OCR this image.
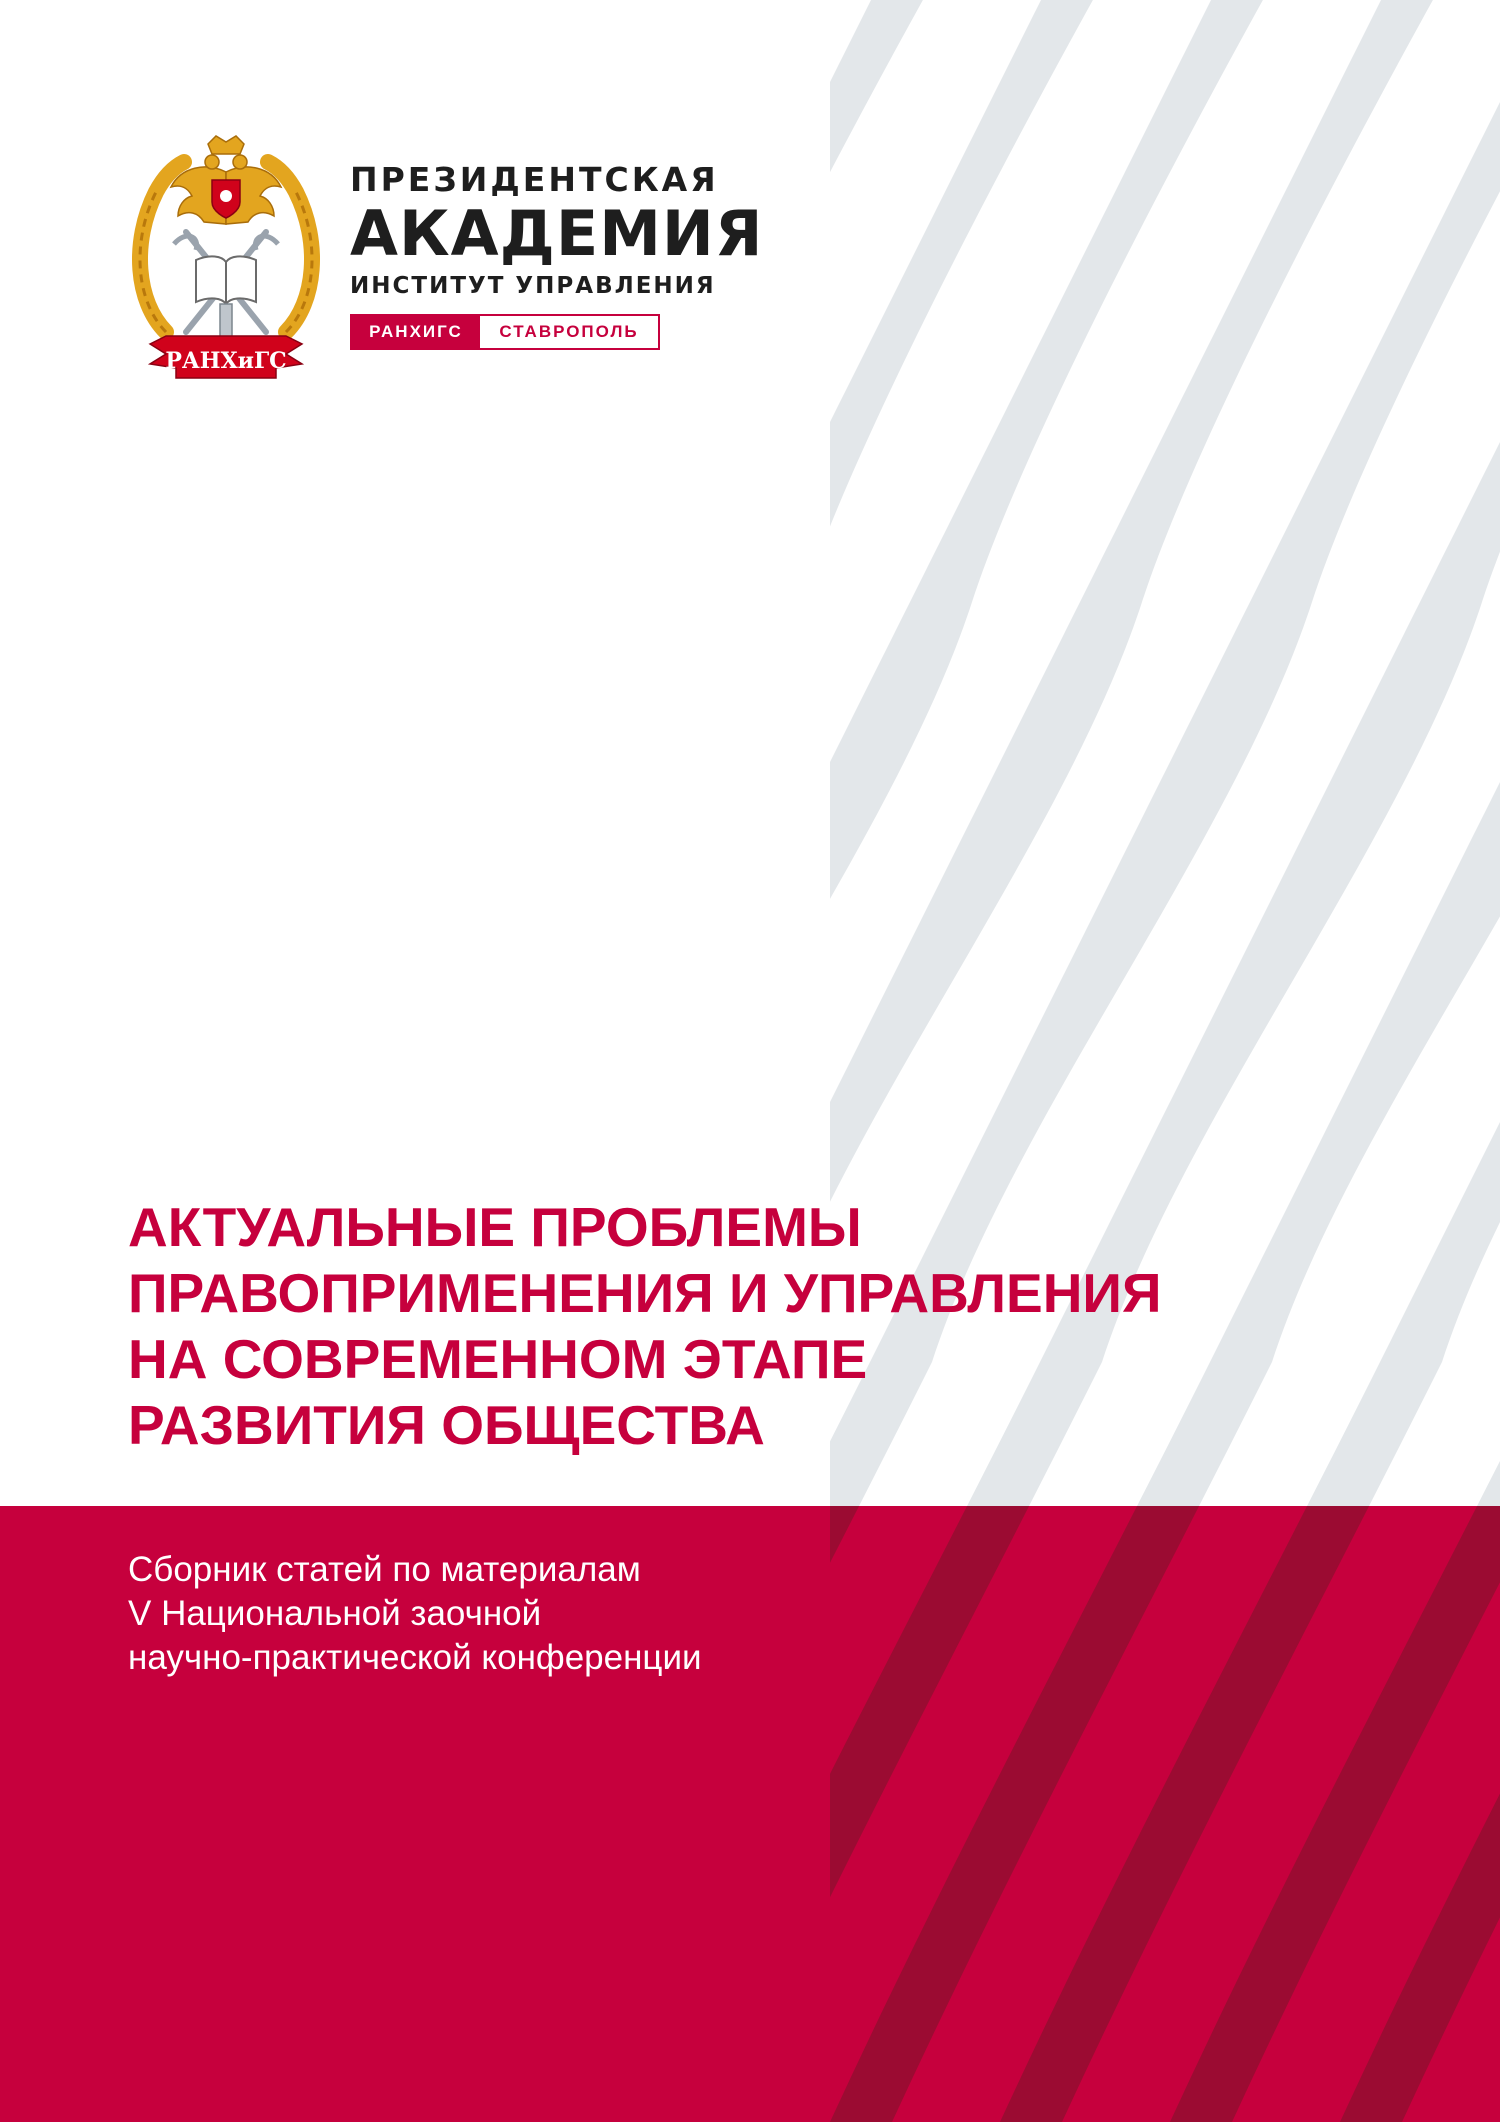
РАНХиГС
ПРЕЗИДЕНТСКАЯ
АКАДЕМИЯ
ИНСТИТУТ УПРАВЛЕНИЯ
РАНХИГС	СТАВРОПОЛЬ
АКТУАЛЬНЫЕ ПРОБЛЕМЫ
ПРАВОПРИМЕНЕНИЯ И УПРАВЛЕНИЯ
НА СОВРЕМЕННОМ ЭТАПЕ
РАЗВИТИЯ ОБЩЕСТВА
Сборник статей по материалам
V Национальной заочной
научно-практической конференции
